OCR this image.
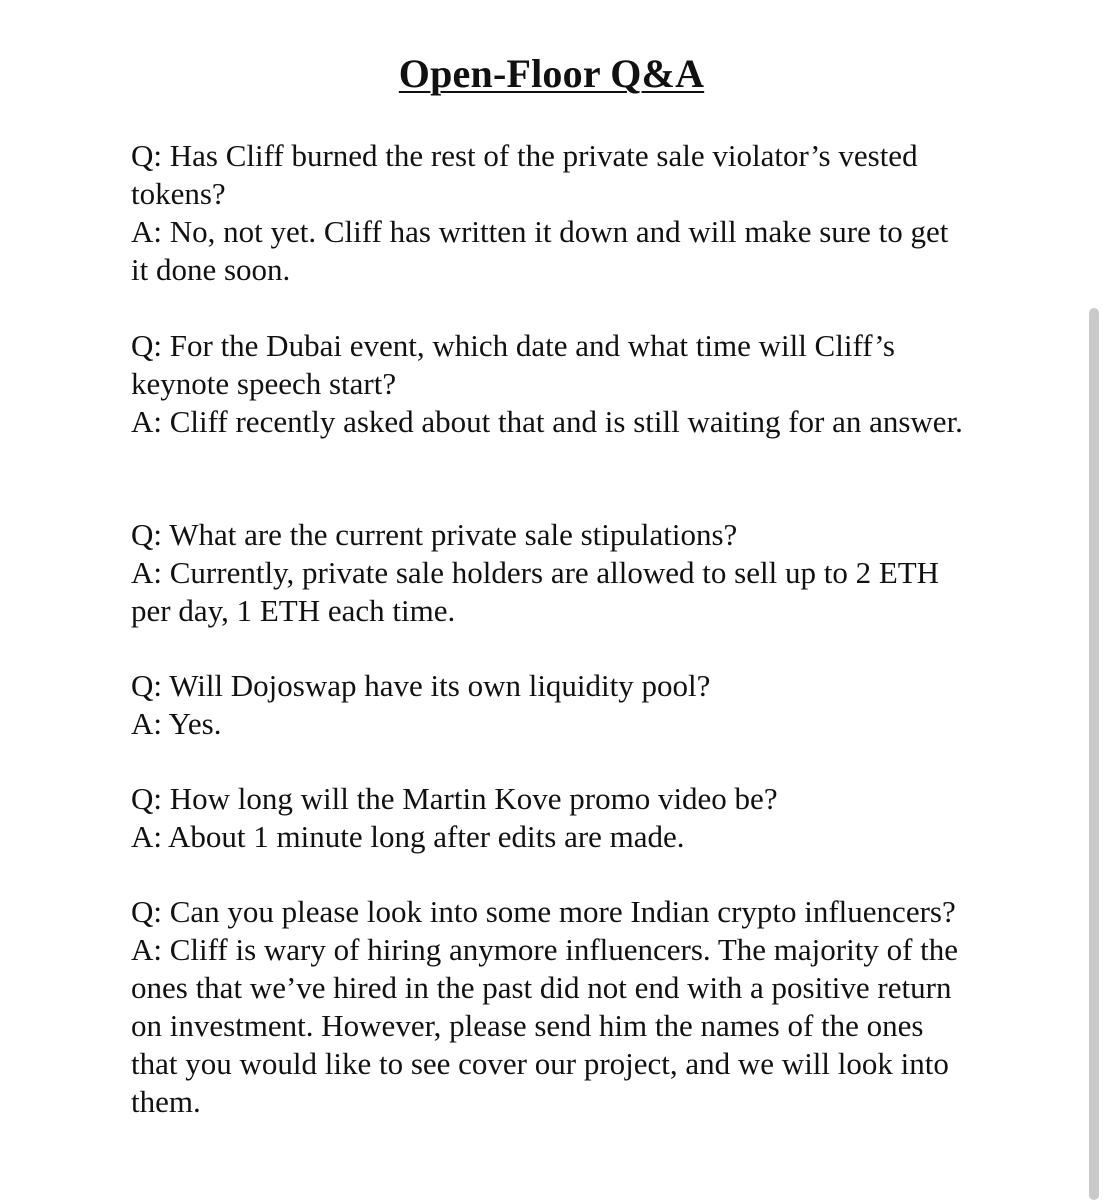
Open-Floor Q&A

Q: Has Cliff burned the rest of the private sale violator’s vested tokens?

A: No, not yet. Cliff has written it down and will make sure to get it done soon.

Q: For the Dubai event, which date and what time will Cliff’s keynote speech start?

A: Cliff recently asked about that and is still waiting for an answer.

Q: What are the current private sale stipulations?

A: Currently, private sale holders are allowed to sell up to 2 ETH per day, 1 ETH each time.

Q: Will Dojoswap have its own liquidity pool?

A: Yes.

Q: How long will the Martin Kove promo video be?

A: About 1 minute long after edits are made.

Q: Can you please look into some more Indian crypto influencers?

A: Cliff is wary of hiring anymore influencers. The majority of the ones that we’ve hired in the past did not end with a positive return on investment. However, please send him the names of the ones that you would like to see cover our project, and we will look into them.
